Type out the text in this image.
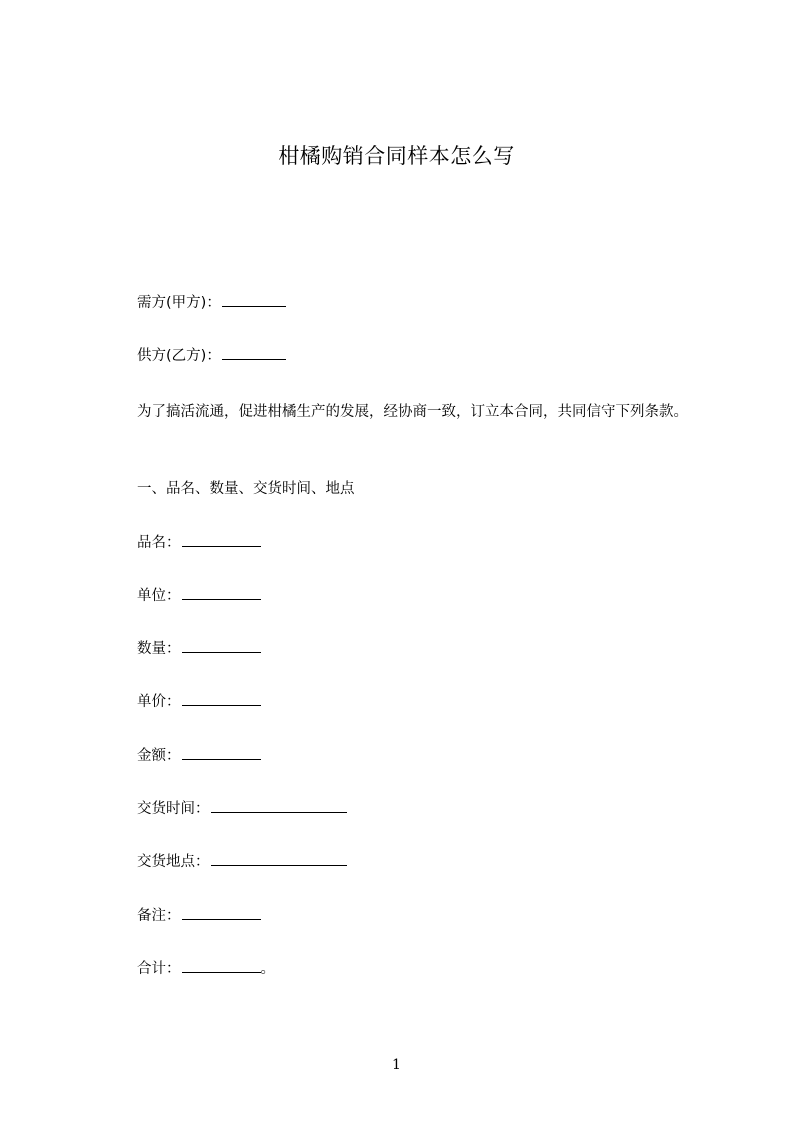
柑橘购销合同样本怎么写
需方(甲方)：
供方(乙方)：
为了搞活流通，促进柑橘生产的发展，经协商一致，订立本合同，共同信守下列条款。
一、品名、数量、交货时间、地点
品名：
单位：
数量：
单价：
金额：
交货时间：
交货地点：
备注：
合计：	。
1
